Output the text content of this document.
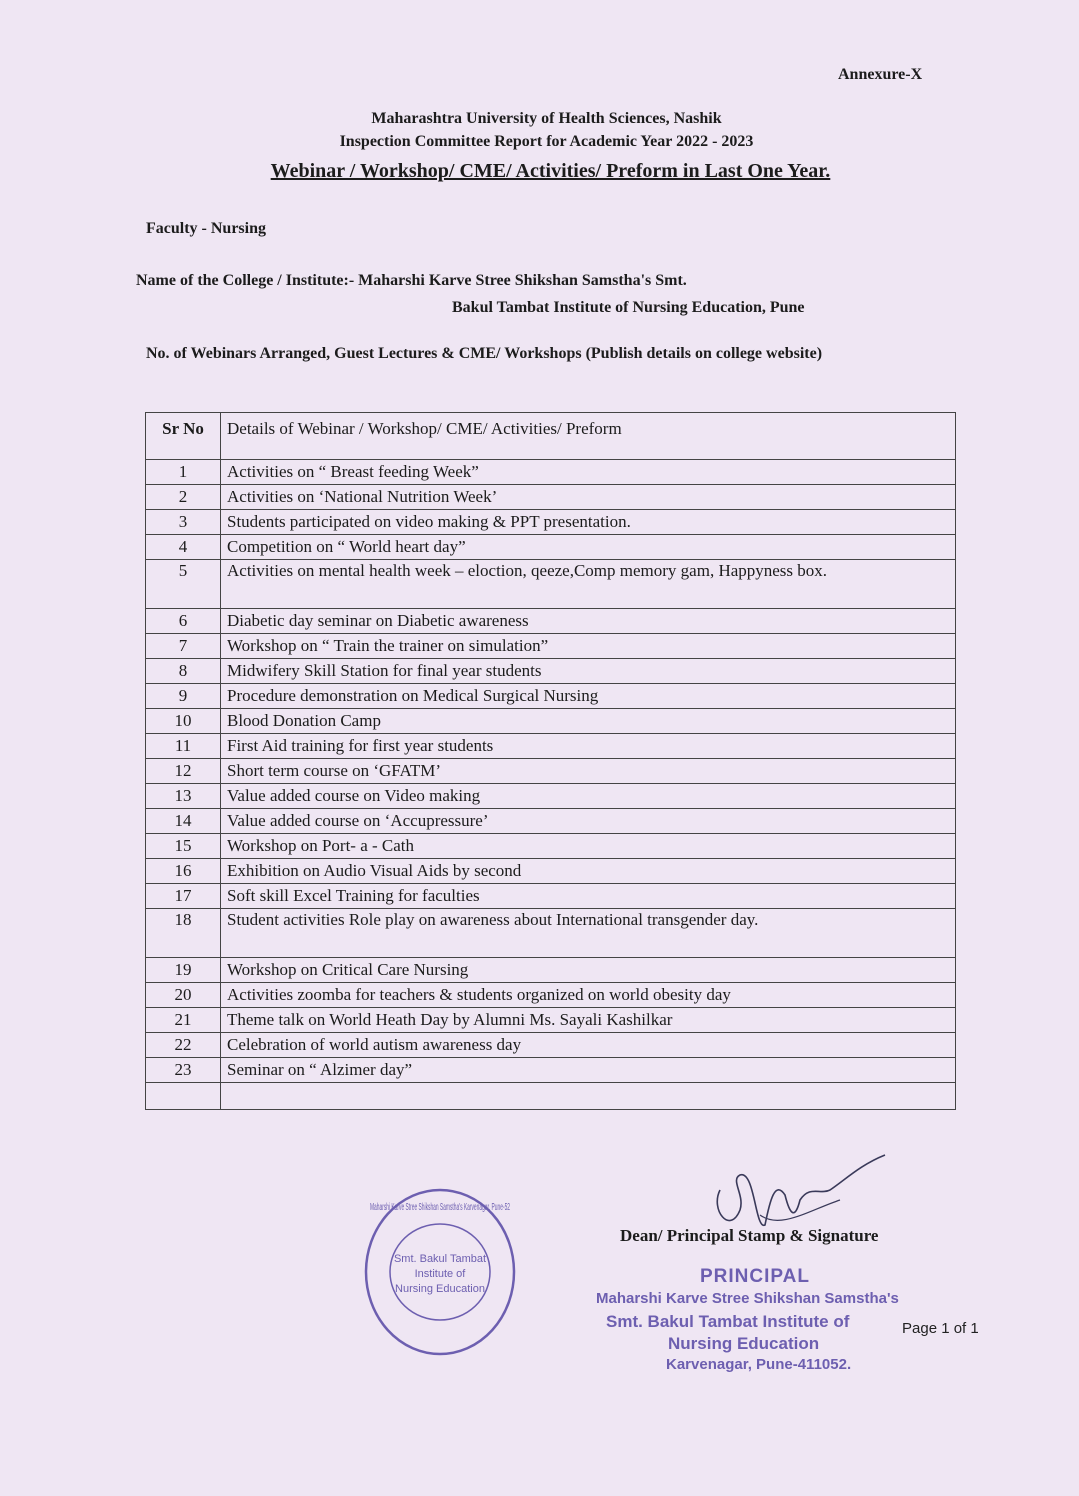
Annexure-X
Maharashtra University of Health Sciences, Nashik
Inspection Committee Report for Academic Year 2022 - 2023
Webinar / Workshop/ CME/ Activities/ Preform in Last One Year.
Faculty - Nursing
Name of the College / Institute:- Maharshi Karve Stree Shikshan Samstha's Smt.
Bakul Tambat Institute of Nursing Education, Pune
No. of Webinars Arranged, Guest Lectures & CME/ Workshops (Publish details on college website)
Sr No	Details of Webinar / Workshop/ CME/ Activities/ Preform
1	Activities on “ Breast feeding Week”
2	Activities on ‘National Nutrition Week’
3	Students participated on video making & PPT presentation.
4	Competition on “ World heart day”
5	Activities on mental health week – eloction, qeeze,Comp memory gam, Happyness box.
6	Diabetic day seminar on Diabetic awareness
7	Workshop on “ Train the trainer on simulation”
8	Midwifery Skill Station for final year students
9	Procedure demonstration on Medical Surgical Nursing
10	Blood Donation Camp
11	First Aid training for first year students
12	Short term course on ‘GFATM’
13	Value added course on Video making
14	Value added course on ‘Accupressure’
15	Workshop on Port- a - Cath
16	Exhibition on Audio Visual Aids by second
17	Soft skill Excel Training for faculties
18	Student activities Role play on awareness about International transgender day.
19	Workshop on Critical Care Nursing
20	Activities zoomba for teachers & students organized on world obesity day
21	Theme talk on World Heath Day by Alumni Ms. Sayali Kashilkar
22	Celebration of world autism awareness day
23	Seminar on “ Alzimer day”

Maharshi Karve Stree Shikshan Samstha's Karvenagar, Pune-52
Smt. Bakul Tambat
Institute of
Nursing Education
Dean/ Principal Stamp & Signature
PRINCIPAL
Maharshi Karve Stree Shikshan Samstha's
Smt. Bakul Tambat Institute of
Nursing Education
Karvenagar, Pune-411052.
Page 1 of 1
